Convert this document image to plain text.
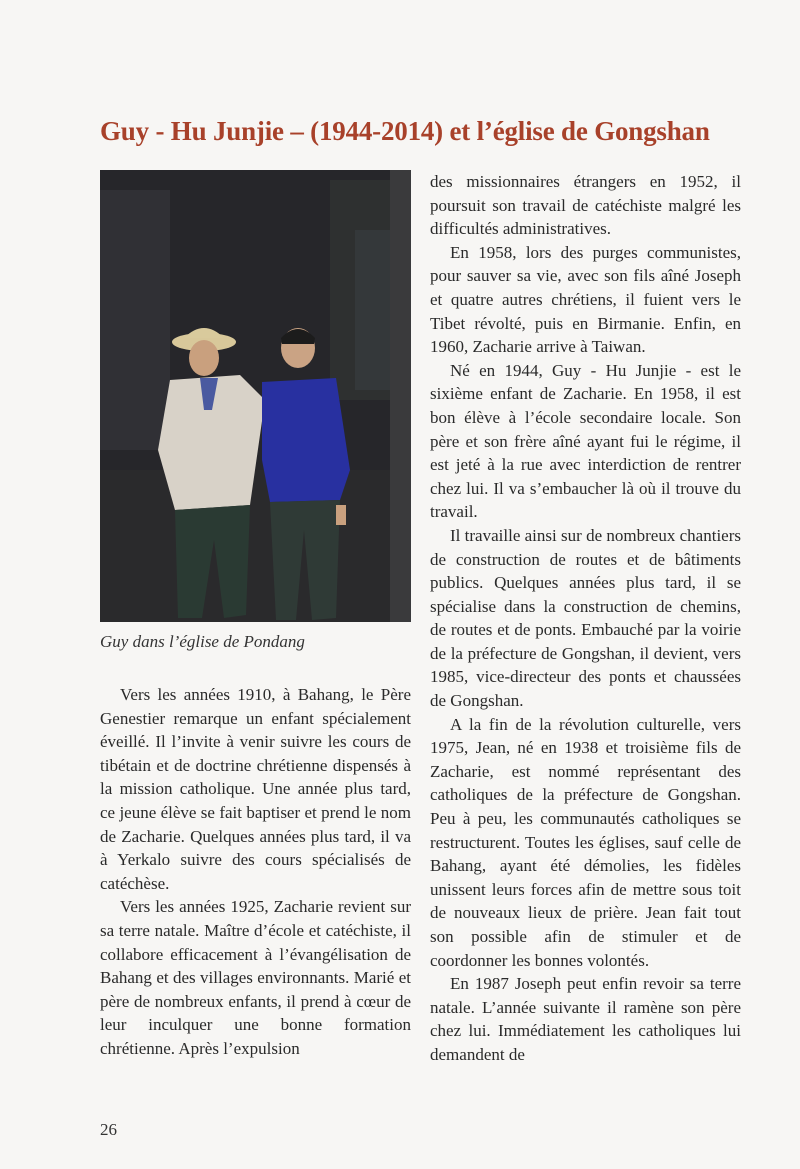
Guy - Hu Junjie – (1944-2014) et l’église de Gongshan
Guy dans l’église de Pondang

Vers les années 1910, à Bahang, le Père Genestier remarque un enfant spécialement éveillé. Il l’invite à venir suivre les cours de tibétain et de doctrine chrétienne dispensés à la mission catholique. Une année plus tard, ce jeune élève se fait baptiser et prend le nom de Zacharie. Quelques années plus tard, il va à Yerkalo suivre des cours spécialisés de catéchèse.

Vers les années 1925, Zacharie revient sur sa terre natale. Maître d’école et catéchiste, il collabore efficacement à l’évangélisation de Bahang et des villages environnants. Marié et père de nombreux enfants, il prend à cœur de leur inculquer une bonne formation chrétienne. Après l’expulsion

des missionnaires étrangers en 1952, il poursuit son travail de catéchiste malgré les difficultés administratives.

En 1958, lors des purges communistes, pour sauver sa vie, avec son fils aîné Joseph et quatre autres chrétiens, il fuient vers le Tibet révolté, puis en Birmanie. Enfin, en 1960, Zacharie arrive à Taiwan.

Né en 1944, Guy - Hu Junjie - est le sixième enfant de Zacharie. En 1958, il est bon élève à l’école secondaire locale. Son père et son frère aîné ayant fui le régime, il est jeté à la rue avec interdiction de rentrer chez lui. Il va s’embaucher là où il trouve du travail.

Il travaille ainsi sur de nombreux chantiers de construction de routes et de bâtiments publics. Quelques années plus tard, il se spécialise dans la construction de chemins, de routes et de ponts. Embauché par la voirie de la préfecture de Gongshan, il devient, vers 1985, vice-directeur des ponts et chaussées de Gongshan.

A la fin de la révolution culturelle, vers 1975, Jean, né en 1938 et troisième fils de Zacharie, est nommé représentant des catholiques de la préfecture de Gongshan. Peu à peu, les communautés catholiques se restructurent. Toutes les églises, sauf celle de Bahang, ayant été démolies, les fidèles unissent leurs forces afin de mettre sous toit de nouveaux lieux de prière. Jean fait tout son possible afin de stimuler et de coordonner les bonnes volontés.

En 1987 Joseph peut enfin revoir sa terre natale. L’année suivante il ramène son père chez lui. Immédiatement les catholiques lui demandent de

26
